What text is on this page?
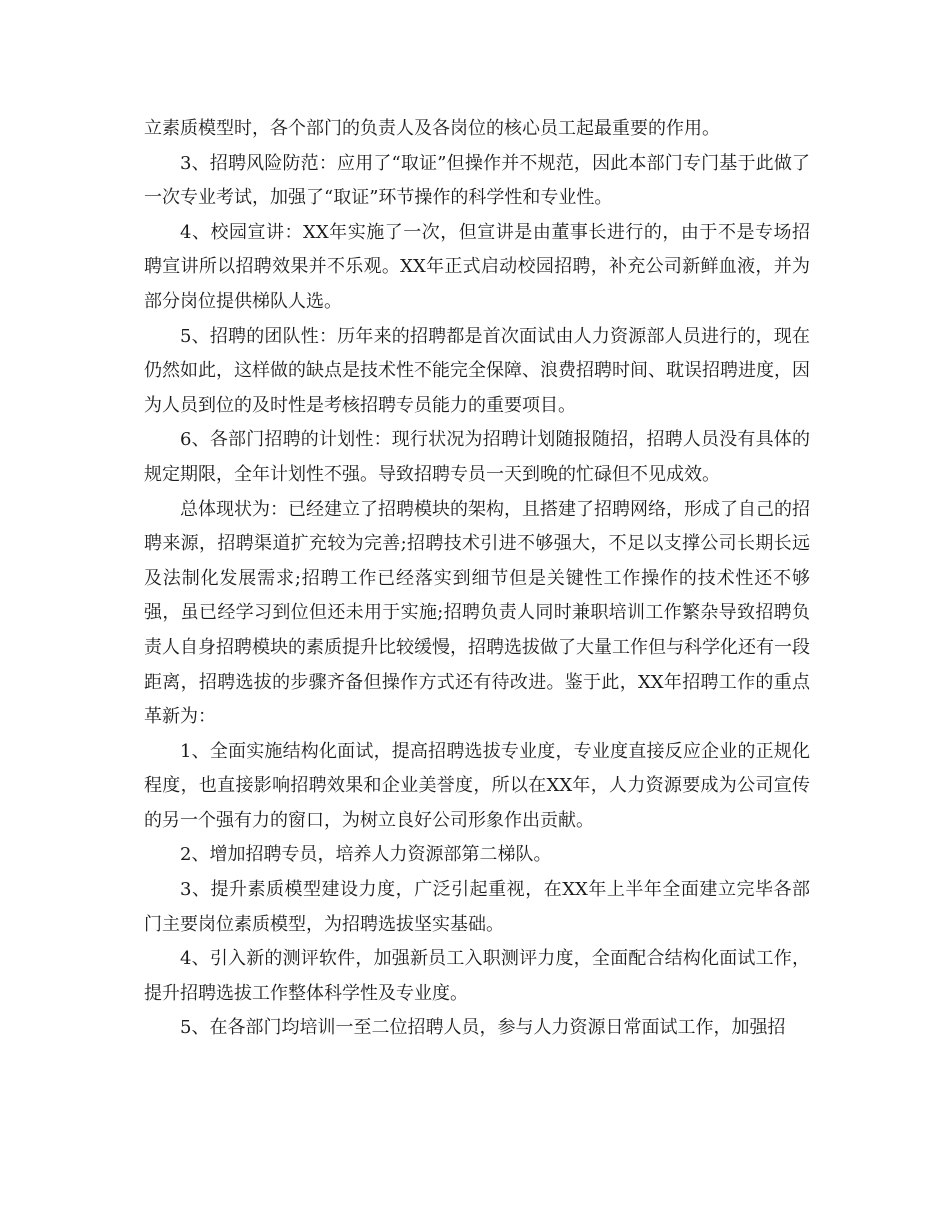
立素质模型时，各个部门的负责人及各岗位的核心员工起最重要的作用。

3、招聘风险防范：应用了“取证”但操作并不规范，因此本部门专门基于此做了一次专业考试，加强了“取证”环节操作的科学性和专业性。

4、校园宣讲：XX年实施了一次，但宣讲是由董事长进行的，由于不是专场招聘宣讲所以招聘效果并不乐观。XX年正式启动校园招聘，补充公司新鲜血液，并为部分岗位提供梯队人选。

5、招聘的团队性：历年来的招聘都是首次面试由人力资源部人员进行的，现在仍然如此，这样做的缺点是技术性不能完全保障、浪费招聘时间、耽误招聘进度，因为人员到位的及时性是考核招聘专员能力的重要项目。

6、各部门招聘的计划性：现行状况为招聘计划随报随招，招聘人员没有具体的规定期限，全年计划性不强。导致招聘专员一天到晚的忙碌但不见成效。

总体现状为：已经建立了招聘模块的架构，且搭建了招聘网络，形成了自己的招聘来源，招聘渠道扩充较为完善;招聘技术引进不够强大，不足以支撑公司长期长远及法制化发展需求;招聘工作已经落实到细节但是关键性工作操作的技术性还不够强，虽已经学习到位但还未用于实施;招聘负责人同时兼职培训工作繁杂导致招聘负责人自身招聘模块的素质提升比较缓慢，招聘选拔做了大量工作但与科学化还有一段距离，招聘选拔的步骤齐备但操作方式还有待改进。鉴于此，XX年招聘工作的重点革新为：

1、全面实施结构化面试，提高招聘选拔专业度，专业度直接反应企业的正规化程度，也直接影响招聘效果和企业美誉度，所以在XX年，人力资源要成为公司宣传的另一个强有力的窗口，为树立良好公司形象作出贡献。

2、增加招聘专员，培养人力资源部第二梯队。

3、提升素质模型建设力度，广泛引起重视，在XX年上半年全面建立完毕各部门主要岗位素质模型，为招聘选拔坚实基础。

4、引入新的测评软件，加强新员工入职测评力度，全面配合结构化面试工作，提升招聘选拔工作整体科学性及专业度。

5、在各部门均培训一至二位招聘人员，参与人力资源日常面试工作，加强招
